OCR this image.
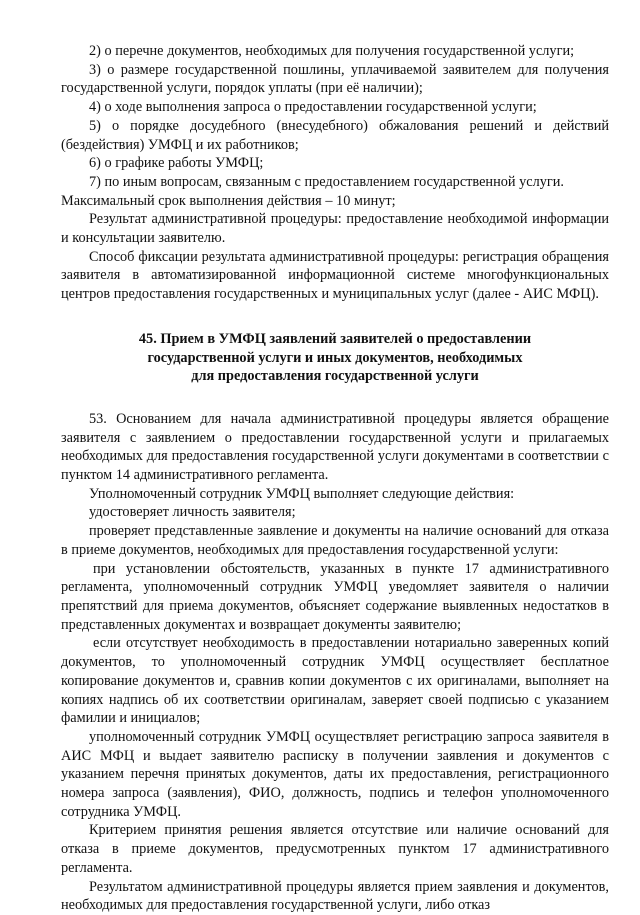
2) о перечне документов, необходимых для получения государственной услуги;

3) о размере государственной пошлины, уплачиваемой заявителем для получения государственной услуги, порядок уплаты (при её наличии);

4) о ходе выполнения запроса о предоставлении государственной услуги;

5) о порядке досудебного (внесудебного) обжалования решений и действий (бездействия) УМФЦ и их работников;

6) о графике работы УМФЦ;

7) по иным вопросам, связанным с предоставлением государственной услуги.

Максимальный срок выполнения действия – 10 минут;

Результат административной процедуры: предоставление необходимой информации и консультации заявителю.

Способ фиксации результата административной процедуры: регистрация обращения заявителя в автоматизированной информационной системе многофункциональных центров предоставления государственных и муниципальных услуг (далее - АИС МФЦ).

45. Прием в УМФЦ заявлений заявителей о предоставлении
государственной услуги и иных документов, необходимых
для предоставления государственной услуги

53. Основанием для начала административной процедуры является обращение заявителя с заявлением о предоставлении государственной услуги и прилагаемых необходимых для предоставления государственной услуги документами в соответствии с пунктом 14 административного регламента.

Уполномоченный сотрудник УМФЦ выполняет следующие действия:

удостоверяет личность заявителя;

проверяет представленные заявление и документы на наличие оснований для отказа в приеме документов, необходимых для предоставления государственной услуги:

при установлении обстоятельств, указанных в пункте 17 административного регламента, уполномоченный сотрудник УМФЦ уведомляет заявителя о наличии препятствий для приема документов, объясняет содержание выявленных недостатков в представленных документах и возвращает документы заявителю;

если отсутствует необходимость в предоставлении нотариально заверенных копий документов, то уполномоченный сотрудник УМФЦ осуществляет бесплатное копирование документов и, сравнив копии документов с их оригиналами, выполняет на копиях надпись об их соответствии оригиналам, заверяет своей подписью с указанием фамилии и инициалов;

уполномоченный сотрудник УМФЦ осуществляет регистрацию запроса заявителя в АИС МФЦ и выдает заявителю расписку в получении заявления и документов с указанием перечня принятых документов, даты их предоставления, регистрационного номера запроса (заявления), ФИО, должность, подпись и телефон уполномоченного сотрудника УМФЦ.

Критерием принятия решения является отсутствие или наличие оснований для отказа в приеме документов, предусмотренных пунктом 17 административного регламента.

Результатом административной процедуры является прием заявления и документов, необходимых для предоставления государственной услуги, либо отказ
